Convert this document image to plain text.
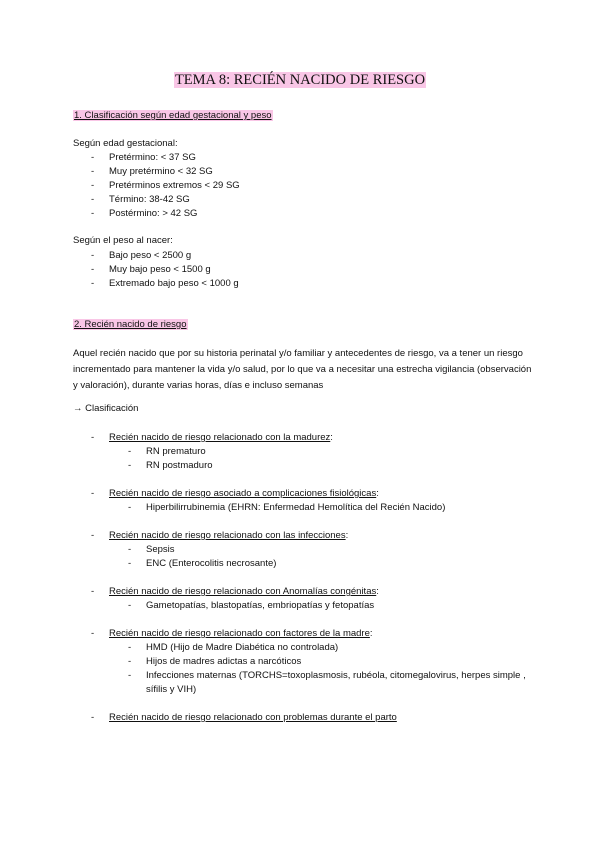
TEMA 8: RECIÉN NACIDO DE RIESGO
1. Clasificación según edad gestacional y peso
Según edad gestacional:
- Pretérmino: < 37 SG
- Muy pretérmino < 32 SG
- Pretérminos extremos < 29 SG
- Término: 38-42 SG
- Postérmino: > 42 SG
Según el peso al nacer:
- Bajo peso < 2500 g
- Muy bajo peso < 1500 g
- Extremado bajo peso < 1000 g
2. Recién nacido de riesgo
Aquel recién nacido que por su historia perinatal y/o familiar y antecedentes de riesgo, va a tener un riesgo
incrementado para mantener la vida y/o salud, por lo que va a necesitar una estrecha vigilancia (observación
y valoración), durante varias horas, días e incluso semanas
→ Clasificación
- Recién nacido de riesgo relacionado con la madurez:
- RN prematuro
- RN postmaduro
- Recién nacido de riesgo asociado a complicaciones fisiológicas:
- Hiperbilirrubinemia (EHRN: Enfermedad Hemolítica del Recién Nacido)
- Recién nacido de riesgo relacionado con las infecciones:
- Sepsis
- ENC (Enterocolitis necrosante)
- Recién nacido de riesgo relacionado con Anomalías congénitas:
- Gametopatías, blastopatías, embriopatías y fetopatías
- Recién nacido de riesgo relacionado con factores de la madre:
- HMD (Hijo de Madre Diabética no controlada)
- Hijos de madres adictas a narcóticos
- Infecciones maternas (TORCHS=toxoplasmosis, rubéola, citomegalovirus, herpes simple ,
sífilis y VIH)
- Recién nacido de riesgo relacionado con problemas durante el parto
